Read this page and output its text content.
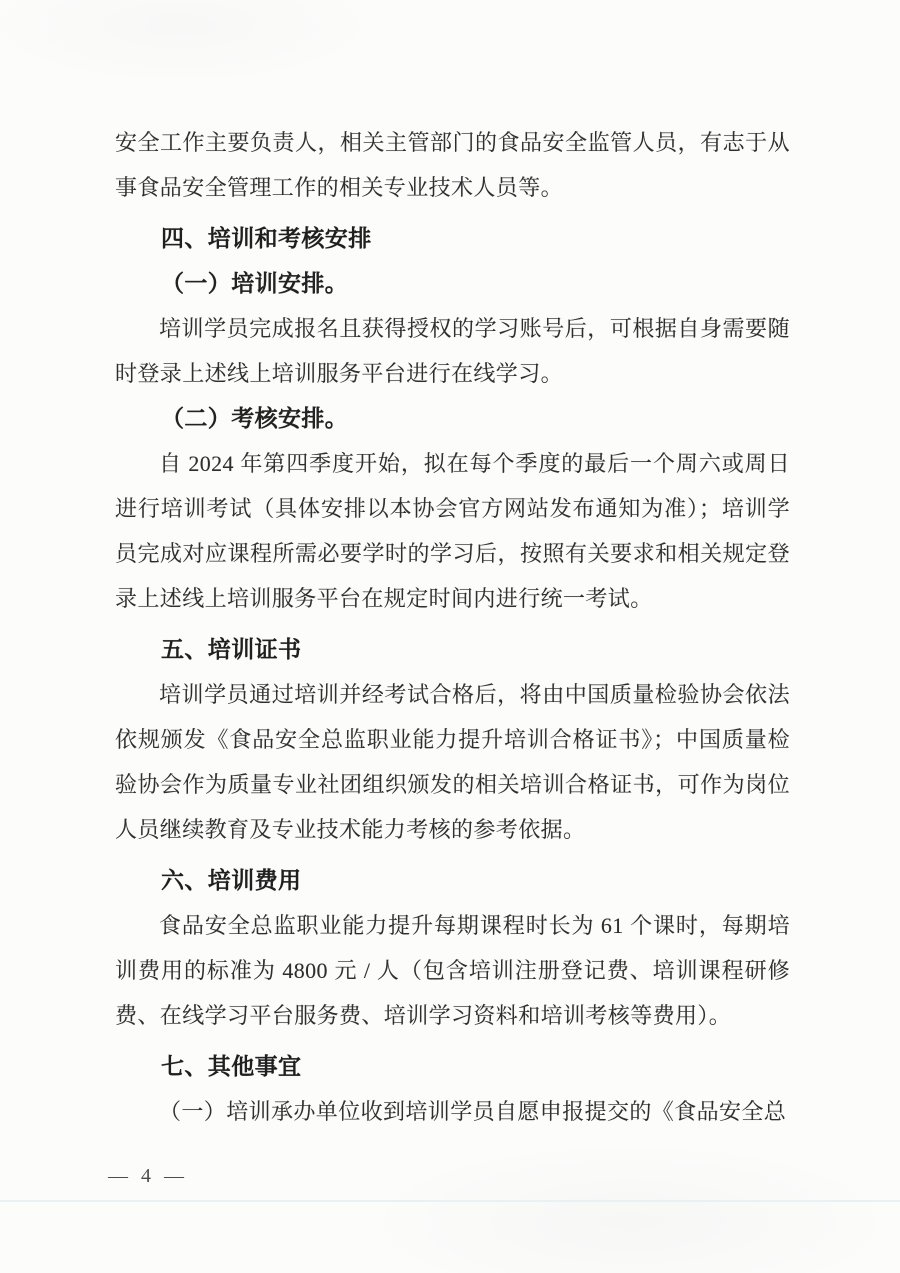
安全工作主要负责人，相关主管部门的食品安全监管人员，有志于从事食品安全管理工作的相关专业技术人员等。

四、培训和考核安排
（一）培训安排。

培训学员完成报名且获得授权的学习账号后，可根据自身需要随时登录上述线上培训服务平台进行在线学习。

（二）考核安排。

自 2024 年第四季度开始，拟在每个季度的最后一个周六或周日进行培训考试（具体安排以本协会官方网站发布通知为准）；培训学员完成对应课程所需必要学时的学习后，按照有关要求和相关规定登录上述线上培训服务平台在规定时间内进行统一考试。

五、培训证书

培训学员通过培训并经考试合格后，将由中国质量检验协会依法依规颁发《食品安全总监职业能力提升培训合格证书》；中国质量检验协会作为质量专业社团组织颁发的相关培训合格证书，可作为岗位人员继续教育及专业技术能力考核的参考依据。

六、培训费用

食品安全总监职业能力提升每期课程时长为 61 个课时，每期培训费用的标准为 4800 元 / 人（包含培训注册登记费、培训课程研修费、在线学习平台服务费、培训学习资料和培训考核等费用）。

七、其他事宜

（一）培训承办单位收到培训学员自愿申报提交的《食品安全总

— 4 —
